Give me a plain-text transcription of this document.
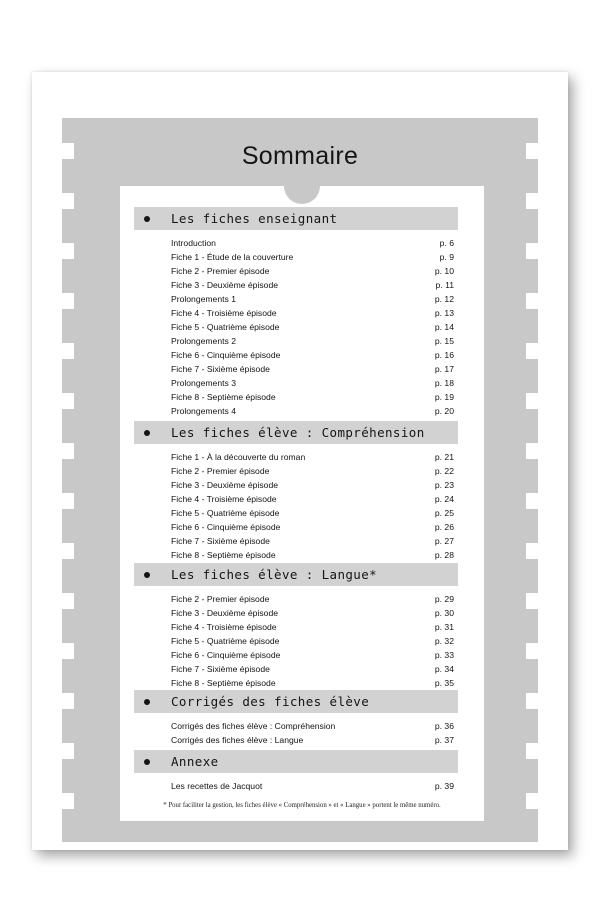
Sommaire
Les fiches enseignant
Introduction	p. 6
Fiche 1 - Étude de la couverture	p. 9
Fiche 2 - Premier épisode	p. 10
Fiche 3 - Deuxième épisode	p. 11
Prolongements 1	p. 12
Fiche 4 - Troisième épisode	p. 13
Fiche 5 - Quatrième épisode	p. 14
Prolongements 2	p. 15
Fiche 6 - Cinquième épisode	p. 16
Fiche 7 - Sixième épisode	p. 17
Prolongements 3	p. 18
Fiche 8 - Septième épisode	p. 19
Prolongements 4	p. 20
Les fiches élève : Compréhension
Fiche 1 - À la découverte du roman	p. 21
Fiche 2 - Premier épisode	p. 22
Fiche 3 - Deuxième épisode	p. 23
Fiche 4 - Troisième épisode	p. 24
Fiche 5 - Quatrième épisode	p. 25
Fiche 6 - Cinquième épisode	p. 26
Fiche 7 - Sixième épisode	p. 27
Fiche 8 - Septième épisode	p. 28
Les fiches élève : Langue*
Fiche 2 - Premier épisode	p. 29
Fiche 3 - Deuxième épisode	p. 30
Fiche 4 - Troisième épisode	p. 31
Fiche 5 - Quatrième épisode	p. 32
Fiche 6 - Cinquième épisode	p. 33
Fiche 7 - Sixième épisode	p. 34
Fiche 8 - Septième épisode	p. 35
Corrigés des fiches élève
Corrigés des fiches élève : Compréhension	p. 36
Corrigés des fiches élève : Langue	p. 37
Annexe
Les recettes de Jacquot	p. 39
* Pour faciliter la gestion, les fiches élève « Compréhension » et « Langue » portent le même numéro.
